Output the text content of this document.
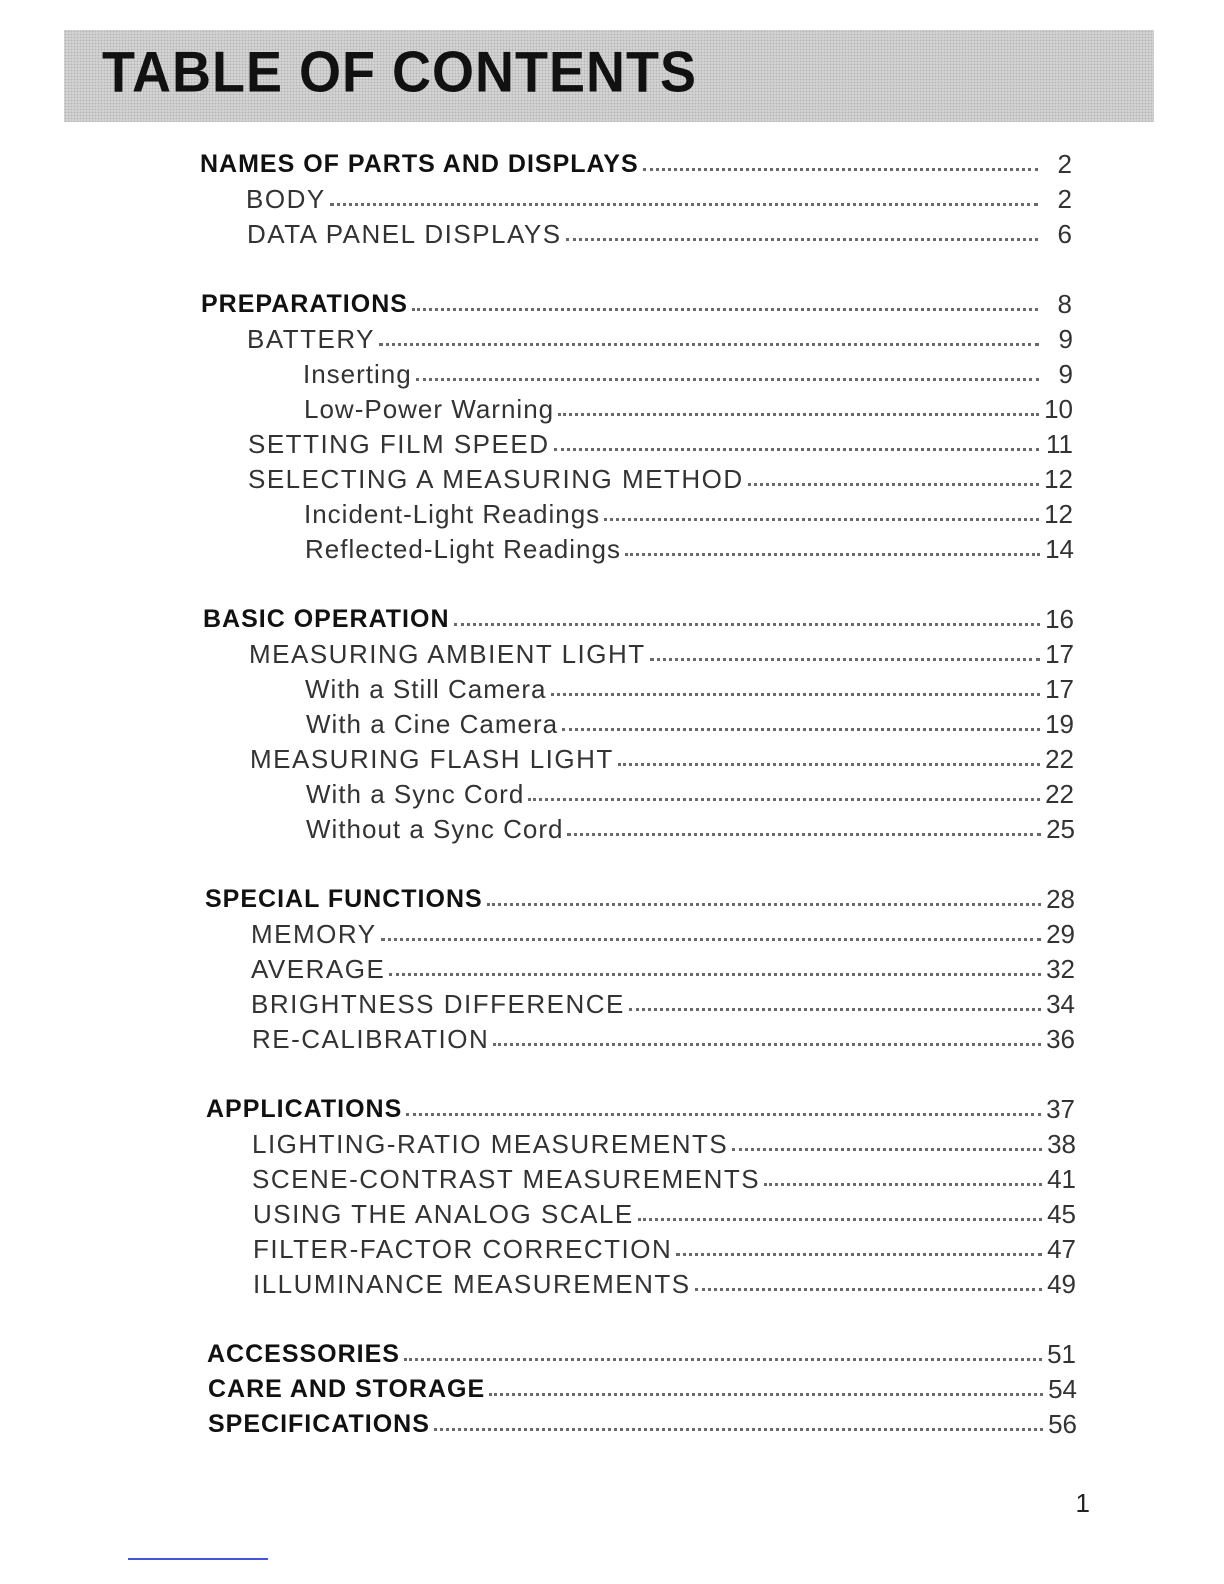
TABLE OF CONTENTS
NAMES OF PARTS AND DISPLAYS	2
BODY	2
DATA PANEL DISPLAYS	6
PREPARATIONS	8
BATTERY	9
Inserting	9
Low-Power Warning	10
SETTING FILM SPEED	11
SELECTING A MEASURING METHOD	12
Incident-Light Readings	12
Reflected-Light Readings	14
BASIC OPERATION	16
MEASURING AMBIENT LIGHT	17
With a Still Camera	17
With a Cine Camera	19
MEASURING FLASH LIGHT	22
With a Sync Cord	22
Without a Sync Cord	25
SPECIAL FUNCTIONS	28
MEMORY	29
AVERAGE	32
BRIGHTNESS DIFFERENCE	34
RE-CALIBRATION	36
APPLICATIONS	37
LIGHTING-RATIO MEASUREMENTS	38
SCENE-CONTRAST MEASUREMENTS	41
USING THE ANALOG SCALE	45
FILTER-FACTOR CORRECTION	47
ILLUMINANCE MEASUREMENTS	49
ACCESSORIES	51
CARE AND STORAGE	54
SPECIFICATIONS	56
1
